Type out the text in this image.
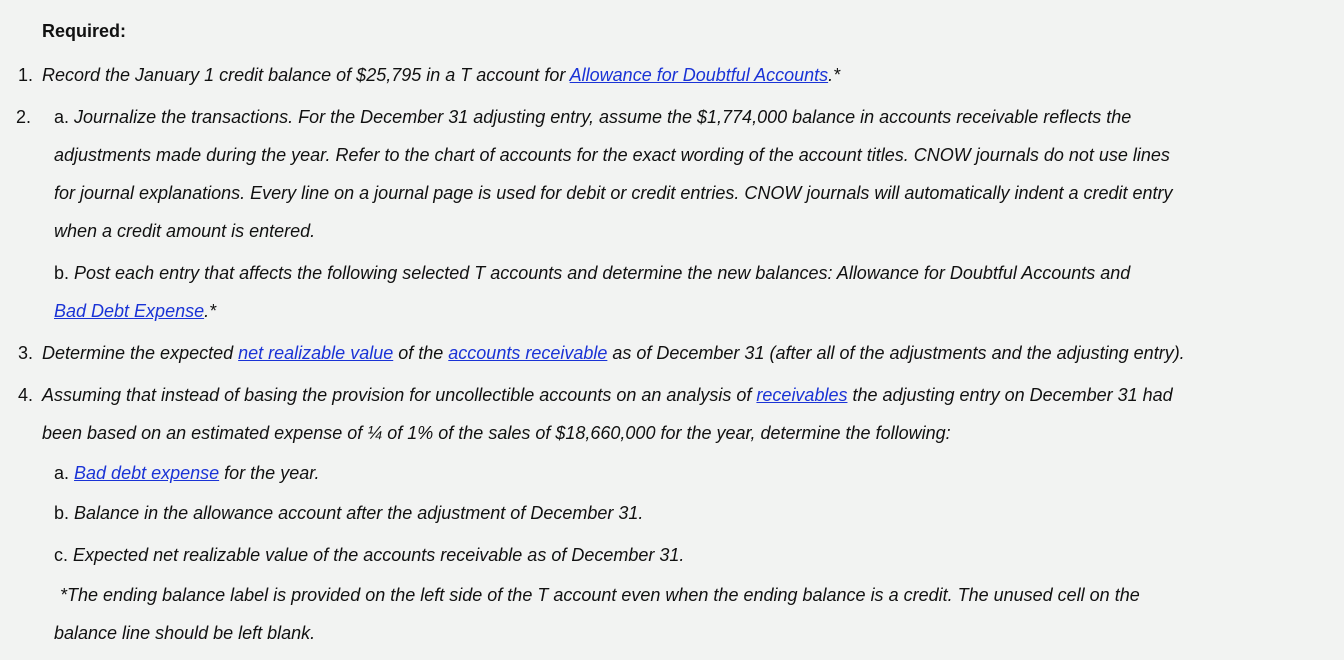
Required:
1. Record the January 1 credit balance of $25,795 in a T account for Allowance for Doubtful Accounts.*
2. a. Journalize the transactions. For the December 31 adjusting entry, assume the $1,774,000 balance in accounts receivable reflects the
adjustments made during the year. Refer to the chart of accounts for the exact wording of the account titles. CNOW journals do not use lines
for journal explanations. Every line on a journal page is used for debit or credit entries. CNOW journals will automatically indent a credit entry
when a credit amount is entered.
b. Post each entry that affects the following selected T accounts and determine the new balances: Allowance for Doubtful Accounts and
Bad Debt Expense.*
3. Determine the expected net realizable value of the accounts receivable as of December 31 (after all of the adjustments and the adjusting entry).
4. Assuming that instead of basing the provision for uncollectible accounts on an analysis of receivables the adjusting entry on December 31 had
been based on an estimated expense of ¼ of 1% of the sales of $18,660,000 for the year, determine the following:
a. Bad debt expense for the year.
b. Balance in the allowance account after the adjustment of December 31.
c. Expected net realizable value of the accounts receivable as of December 31.
*The ending balance label is provided on the left side of the T account even when the ending balance is a credit. The unused cell on the
balance line should be left blank.
